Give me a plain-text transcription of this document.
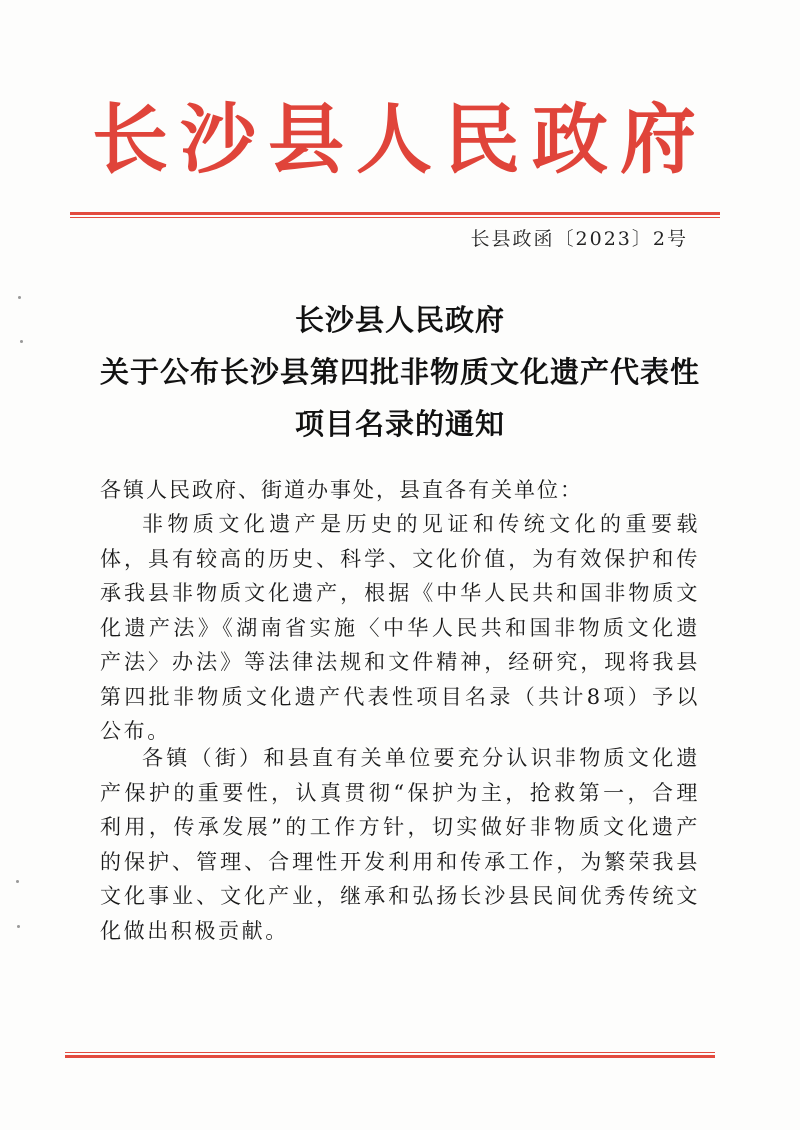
长沙县人民政府
长县政函〔2023〕2号
长沙县人民政府
关于公布长沙县第四批非物质文化遗产代表性
项目名录的通知
各镇人民政府、街道办事处，县直各有关单位：
非物质文化遗产是历史的见证和传统文化的重要载体，具有较高的历史、科学、文化价值，为有效保护和传承我县非物质文化遗产，根据《中华人民共和国非物质文化遗产法》《湖南省实施〈中华人民共和国非物质文化遗产法〉办法》等法律法规和文件精神，经研究，现将我县第四批非物质文化遗产代表性项目名录（共计8项）予以公布。
各镇（街）和县直有关单位要充分认识非物质文化遗产保护的重要性，认真贯彻“保护为主，抢救第一，合理利用，传承发展”的工作方针，切实做好非物质文化遗产的保护、管理、合理性开发利用和传承工作，为繁荣我县文化事业、文化产业，继承和弘扬长沙县民间优秀传统文化做出积极贡献。
